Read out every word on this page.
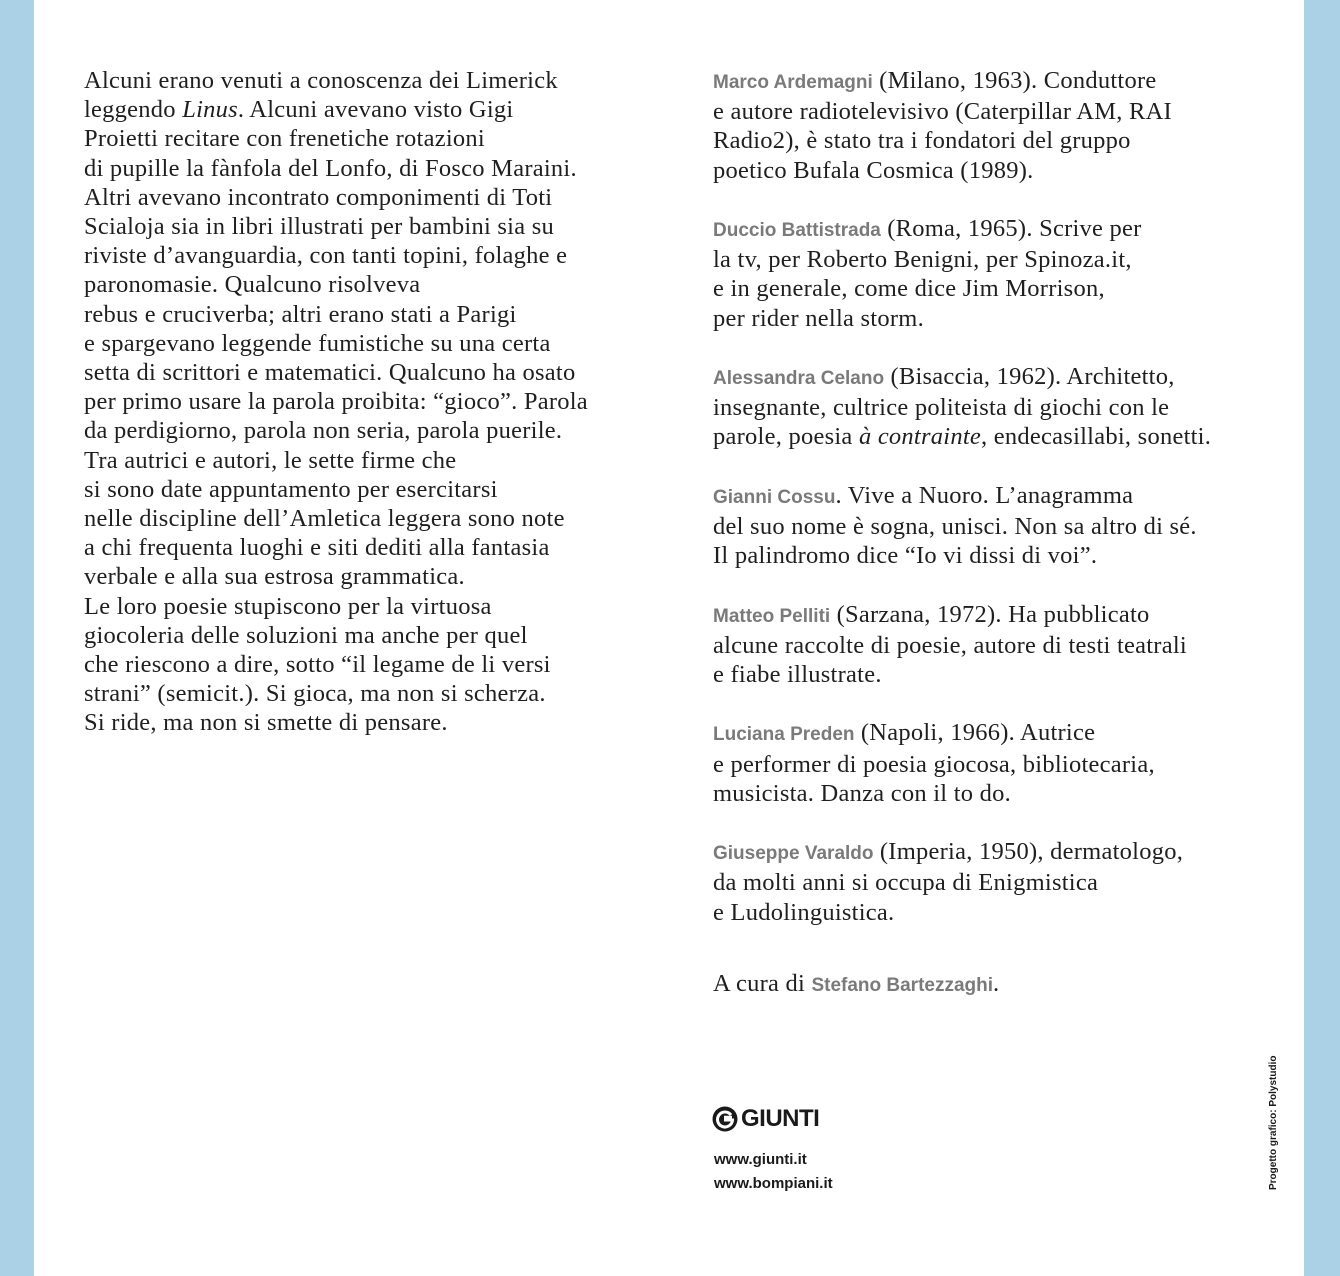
Alcuni erano venuti a conoscenza dei Limerick
leggendo Linus. Alcuni avevano visto Gigi
Proietti recitare con frenetiche rotazioni
di pupille la fànfola del Lonfo, di Fosco Maraini.
Altri avevano incontrato componimenti di Toti
Scialoja sia in libri illustrati per bambini sia su
riviste d’avanguardia, con tanti topini, folaghe e
paronomasie. Qualcuno risolveva
rebus e cruciverba; altri erano stati a Parigi
e spargevano leggende fumistiche su una certa
setta di scrittori e matematici. Qualcuno ha osato
per primo usare la parola proibita: “gioco”. Parola
da perdigiorno, parola non seria, parola puerile.
Tra autrici e autori, le sette firme che
si sono date appuntamento per esercitarsi
nelle discipline dell’Amletica leggera sono note
a chi frequenta luoghi e siti dediti alla fantasia
verbale e alla sua estrosa grammatica.
Le loro poesie stupiscono per la virtuosa
giocoleria delle soluzioni ma anche per quel
che riescono a dire, sotto “il legame de li versi
strani” (semicit.). Si gioca, ma non si scherza.
Si ride, ma non si smette di pensare.
Marco Ardemagni (Milano, 1963). Conduttore
e autore radiotelevisivo (Caterpillar AM, RAI
Radio2), è stato tra i fondatori del gruppo
poetico Bufala Cosmica (1989).
Duccio Battistrada (Roma, 1965). Scrive per
la tv, per Roberto Benigni, per Spinoza.it,
e in generale, come dice Jim Morrison,
per rider nella storm.
Alessandra Celano (Bisaccia, 1962). Architetto,
insegnante, cultrice politeista di giochi con le
parole, poesia à contrainte, endecasillabi, sonetti.
Gianni Cossu. Vive a Nuoro. L’anagramma
del suo nome è sogna, unisci. Non sa altro di sé.
Il palindromo dice “Io vi dissi di voi”.
Matteo Pelliti (Sarzana, 1972). Ha pubblicato
alcune raccolte di poesie, autore di testi teatrali
e fiabe illustrate.
Luciana Preden (Napoli, 1966). Autrice
e performer di poesia giocosa, bibliotecaria,
musicista. Danza con il to do.
Giuseppe Varaldo (Imperia, 1950), dermatologo,
da molti anni si occupa di Enigmistica
e Ludolinguistica.
A cura di Stefano Bartezzaghi.
GIUNTI
www.giunti.it
www.bompiani.it	Progetto grafico: Polystudio
